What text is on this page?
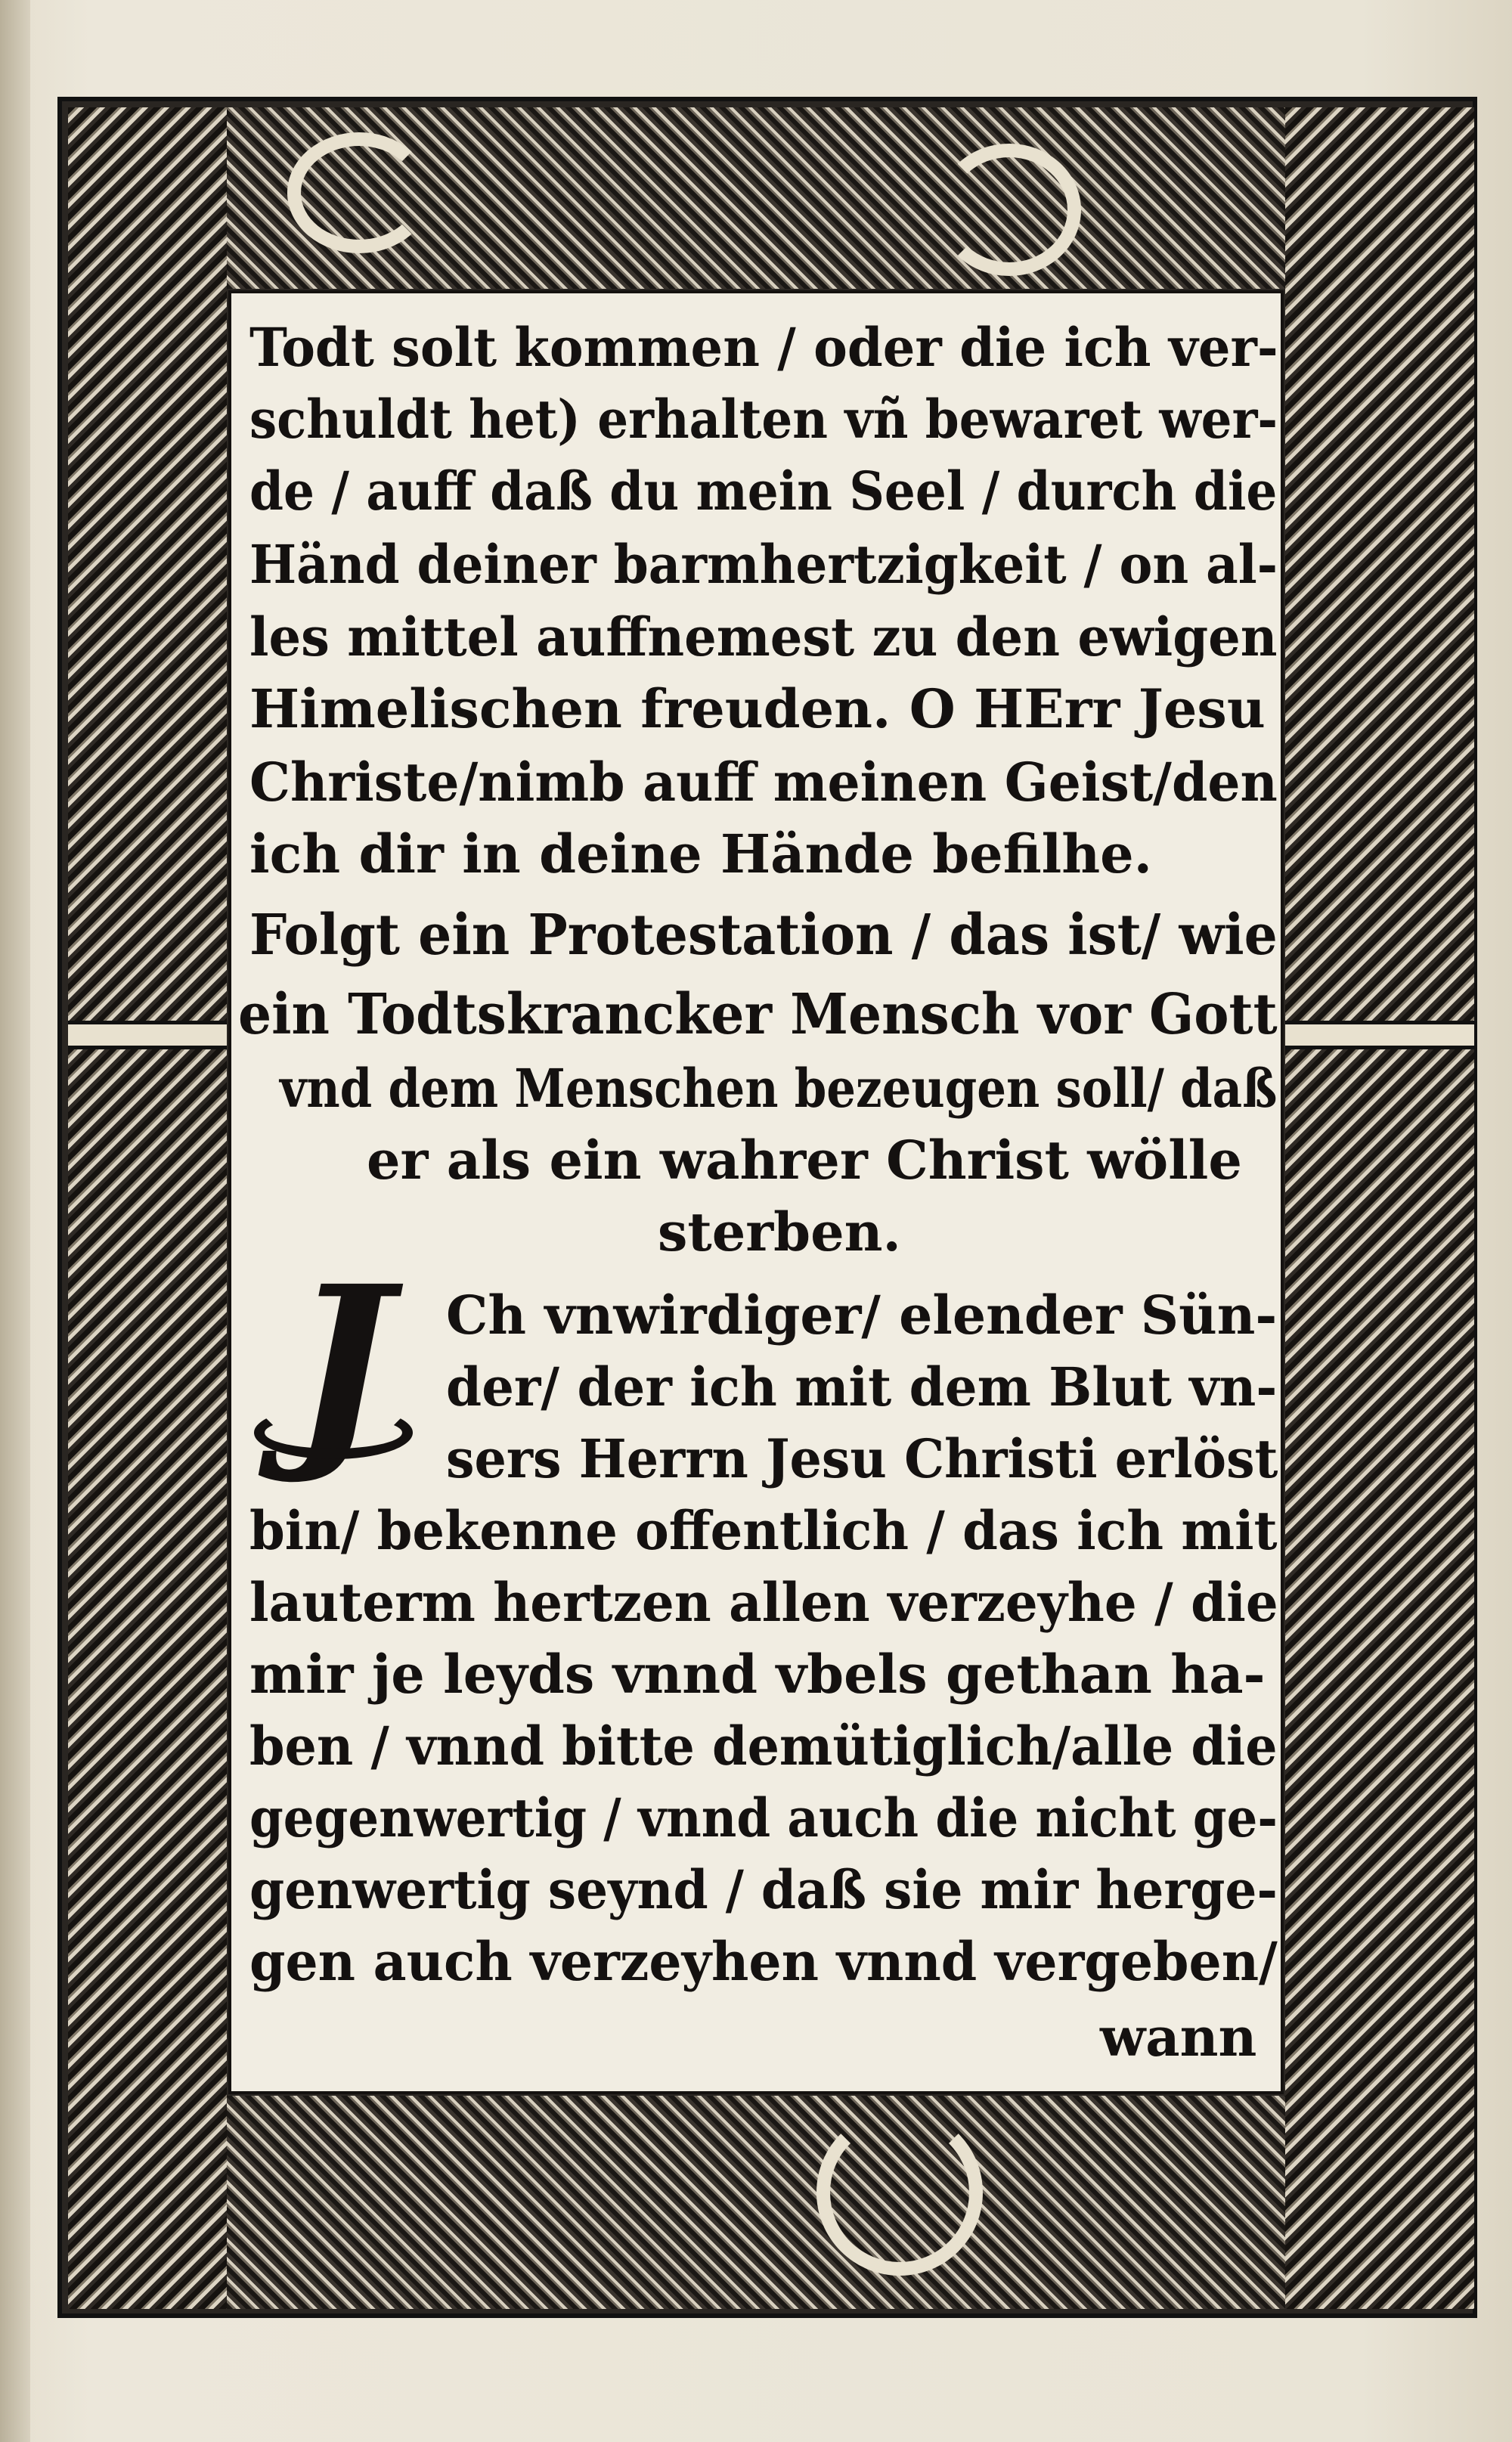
Todt solt kommen / oder die ich ver-
schuldt het) erhalten vñ bewaret wer-
de / auff daß du mein Seel / durch die
Händ deiner barmhertzigkeit / on al-
les mittel auffnemest zu den ewigen
Himelischen freuden. O HErr Jesu
Christe/nimb auff meinen Geist/den
ich dir in deine Hände befilhe.
Folgt ein Protestation / das ist/ wie
ein Todtskrancker Mensch vor Gott
vnd dem Menschen bezeugen soll/ daß
er als ein wahrer Christ wölle
sterben.
J	Ch vnwirdiger/ elender Sün-
der/ der ich mit dem Blut vn-
sers Herrn Jesu Christi erlöst
bin/ bekenne offentlich / das ich mit
lauterm hertzen allen verzeyhe / die
mir je leyds vnnd vbels gethan ha-
ben / vnnd bitte demütiglich/alle die
gegenwertig / vnnd auch die nicht ge-
genwertig seynd / daß sie mir herge-
gen auch verzeyhen vnnd vergeben/
wann
